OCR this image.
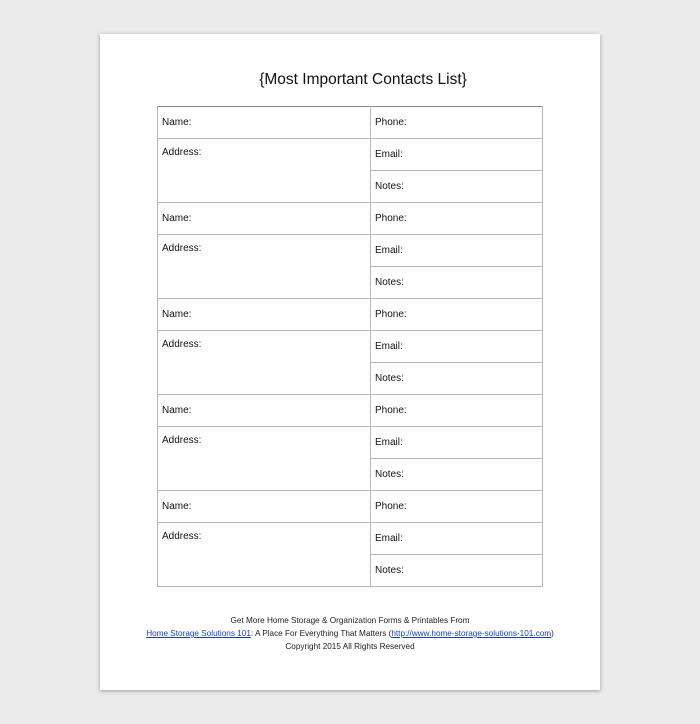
{Most Important Contacts List}
Name:	Phone:
Address:	Email:
	Notes:
Name:	Phone:
Address:	Email:
	Notes:
Name:	Phone:
Address:	Email:
	Notes:
Name:	Phone:
Address:	Email:
	Notes:
Name:	Phone:
Address:	Email:
	Notes:
Get More Home Storage & Organization Forms & Printables From
Home Storage Solutions 101: A Place For Everything That Matters (http://www.home-storage-solutions-101.com)
Copyright 2015 All Rights Reserved
